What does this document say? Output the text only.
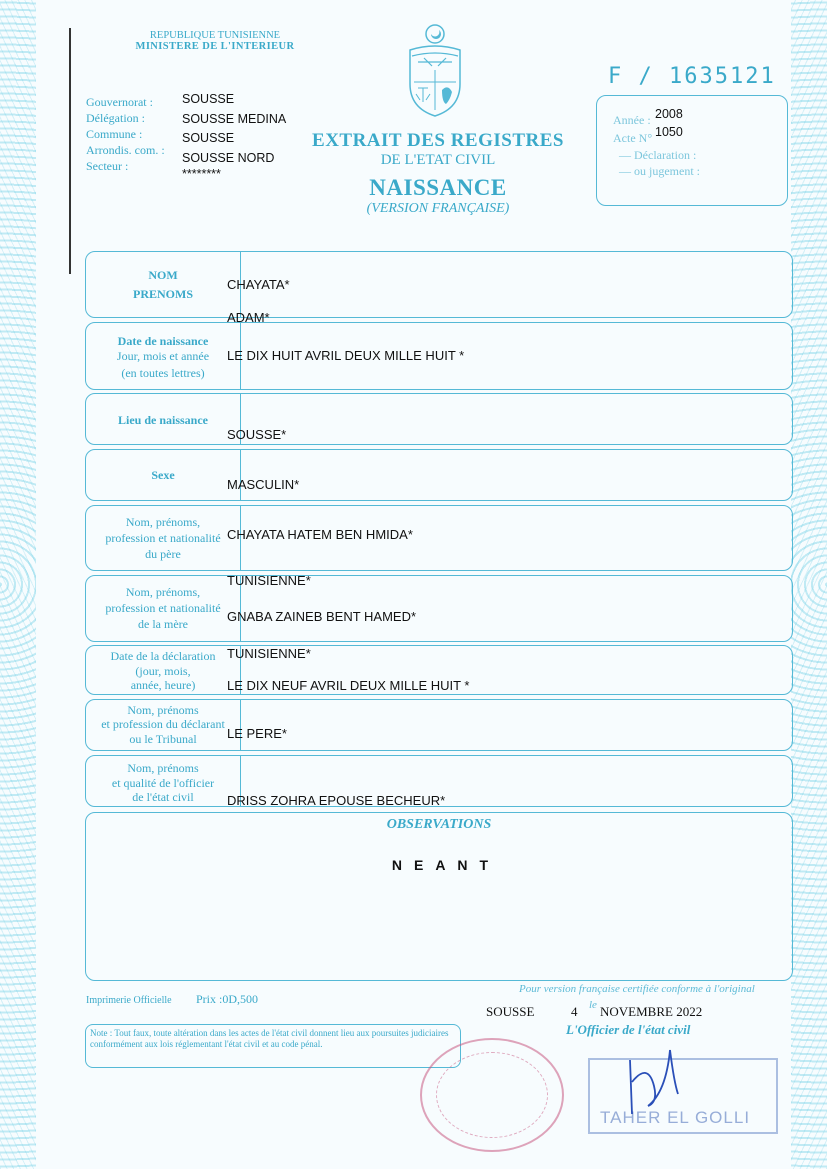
REPUBLIQUE TUNISIENNE
MINISTERE DE L'INTERIEUR
Gouvernorat :
Délégation :
Commune :
Arrondis. com. :
Secteur :
SOUSSE
SOUSSE MEDINA
SOUSSE
SOUSSE NORD
********
EXTRAIT DES REGISTRES
DE L'ETAT CIVIL
NAISSANCE
(VERSION FRANÇAISE)
F / 1635121
Année : 2008
Acte N° 1050
— Déclaration :
— ou jugement :
NOM
PRENOMS
Date de naissance
Jour, mois et année
(en toutes lettres)
Lieu de naissance
Sexe
Nom, prénoms,
profession et nationalité
du père
Nom, prénoms,
profession et nationalité
de la mère
Date de la déclaration
(jour, mois,
année, heure)
Nom, prénoms
et profession du déclarant
ou le Tribunal
Nom, prénoms
et qualité de l'officier
de l'état civil
OBSERVATIONS
NEANT
CHAYATA*
ADAM*
LE DIX HUIT AVRIL DEUX MILLE HUIT *
SOUSSE*
MASCULIN*
CHAYATA HATEM BEN HMIDA*
TUNISIENNE*
GNABA ZAINEB BENT HAMED*
TUNISIENNE*
LE DIX NEUF AVRIL DEUX MILLE HUIT *
LE PERE*
DRISS ZOHRA EPOUSE BECHEUR*
Imprimerie Officielle Prix :0D,500
Pour version française certifiée conforme à l'original
SOUSSE	4 le NOVEMBRE 2022
L'Officier de l'état civil
Note : Tout faux, toute altération dans les actes de l'état civil donnent lieu aux poursuites judiciaires conformément aux lois réglementant l'état civil et au code pénal.
TAHER EL GOLLI
